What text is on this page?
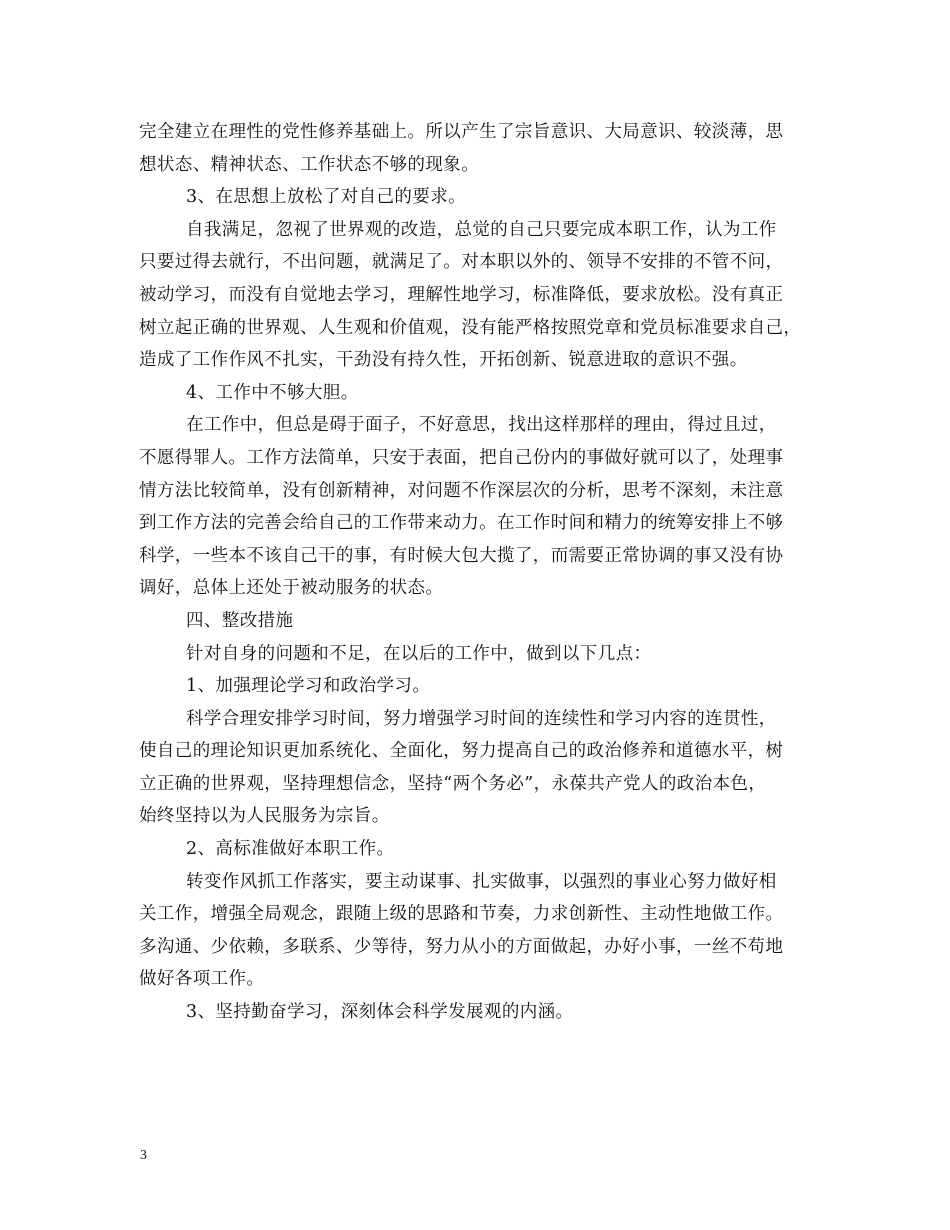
完全建立在理性的党性修养基础上。所以产生了宗旨意识、大局意识、较淡薄，思
想状态、精神状态、工作状态不够的现象。
3、在思想上放松了对自己的要求。
自我满足，忽视了世界观的改造，总觉的自己只要完成本职工作，认为工作
只要过得去就行，不出问题，就满足了。对本职以外的、领导不安排的不管不问，
被动学习，而没有自觉地去学习，理解性地学习，标准降低，要求放松。没有真正
树立起正确的世界观、人生观和价值观，没有能严格按照党章和党员标准要求自己，
造成了工作作风不扎实，干劲没有持久性，开拓创新、锐意进取的意识不强。
4、工作中不够大胆。
在工作中，但总是碍于面子，不好意思，找出这样那样的理由，得过且过，
不愿得罪人。工作方法简单，只安于表面，把自己份内的事做好就可以了，处理事
情方法比较简单，没有创新精神，对问题不作深层次的分析，思考不深刻，未注意
到工作方法的完善会给自己的工作带来动力。在工作时间和精力的统筹安排上不够
科学，一些本不该自己干的事，有时候大包大揽了，而需要正常协调的事又没有协
调好，总体上还处于被动服务的状态。
四、整改措施
针对自身的问题和不足，在以后的工作中，做到以下几点：
1、加强理论学习和政治学习。
科学合理安排学习时间，努力增强学习时间的连续性和学习内容的连贯性，
使自己的理论知识更加系统化、全面化，努力提高自己的政治修养和道德水平，树
立正确的世界观，坚持理想信念，坚持“两个务必”，永葆共产党人的政治本色，
始终坚持以为人民服务为宗旨。
2、高标准做好本职工作。
转变作风抓工作落实，要主动谋事、扎实做事，以强烈的事业心努力做好相
关工作，增强全局观念，跟随上级的思路和节奏，力求创新性、主动性地做工作。
多沟通、少依赖，多联系、少等待，努力从小的方面做起，办好小事，一丝不苟地
做好各项工作。
3、坚持勤奋学习，深刻体会科学发展观的内涵。
3
